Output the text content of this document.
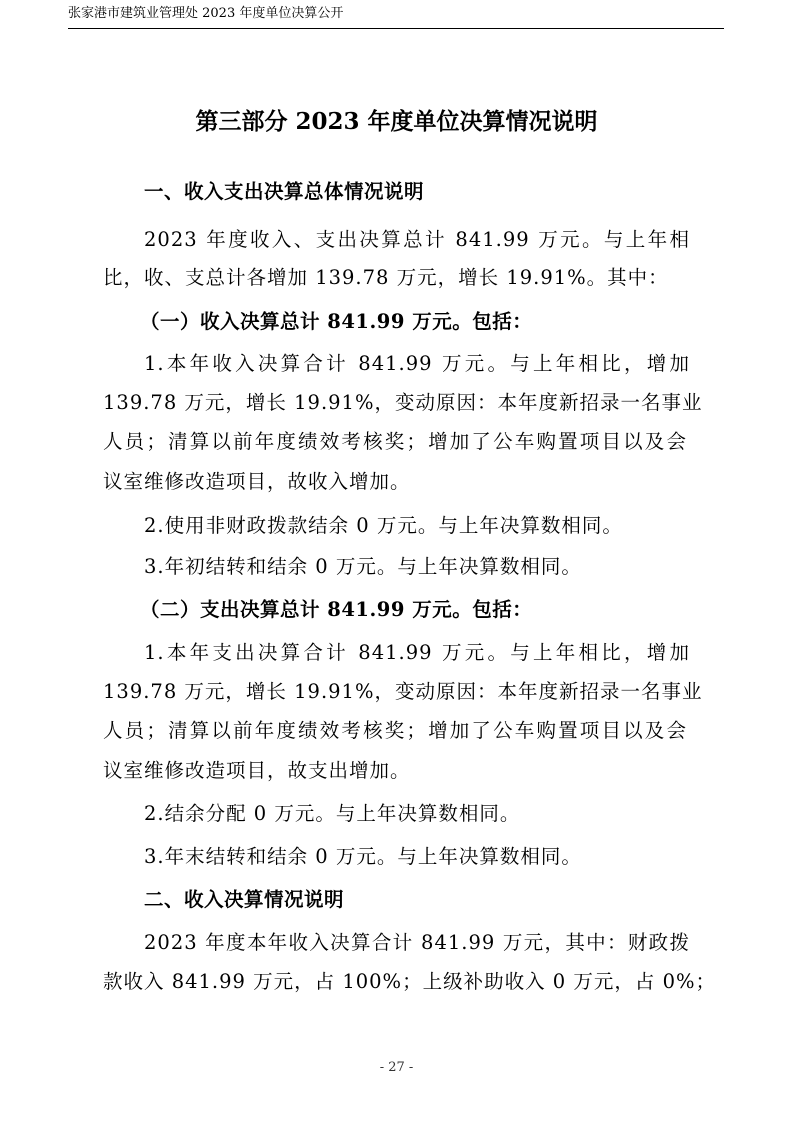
张家港市建筑业管理处 2023 年度单位决算公开
第三部分 2023 年度单位决算情况说明
一、收入支出决算总体情况说明
2023 年度收入、支出决算总计 841.99 万元。与上年相
比，收、支总计各增加 139.78 万元，增长 19.91%。其中：
（一）收入决算总计 841.99 万元。包括：
1.本年收入决算合计 841.99 万元。与上年相比，增加
139.78 万元，增长 19.91%，变动原因：本年度新招录一名事业
人员；清算以前年度绩效考核奖；增加了公车购置项目以及会
议室维修改造项目，故收入增加。
2.使用非财政拨款结余 0 万元。与上年决算数相同。
3.年初结转和结余 0 万元。与上年决算数相同。
（二）支出决算总计 841.99 万元。包括：
1.本年支出决算合计 841.99 万元。与上年相比，增加
139.78 万元，增长 19.91%，变动原因：本年度新招录一名事业
人员；清算以前年度绩效考核奖；增加了公车购置项目以及会
议室维修改造项目，故支出增加。
2.结余分配 0 万元。与上年决算数相同。
3.年末结转和结余 0 万元。与上年决算数相同。
二、收入决算情况说明
2023 年度本年收入决算合计 841.99 万元，其中：财政拨
款收入 841.99 万元，占 100%；上级补助收入 0 万元，占 0%；
- 27 -
